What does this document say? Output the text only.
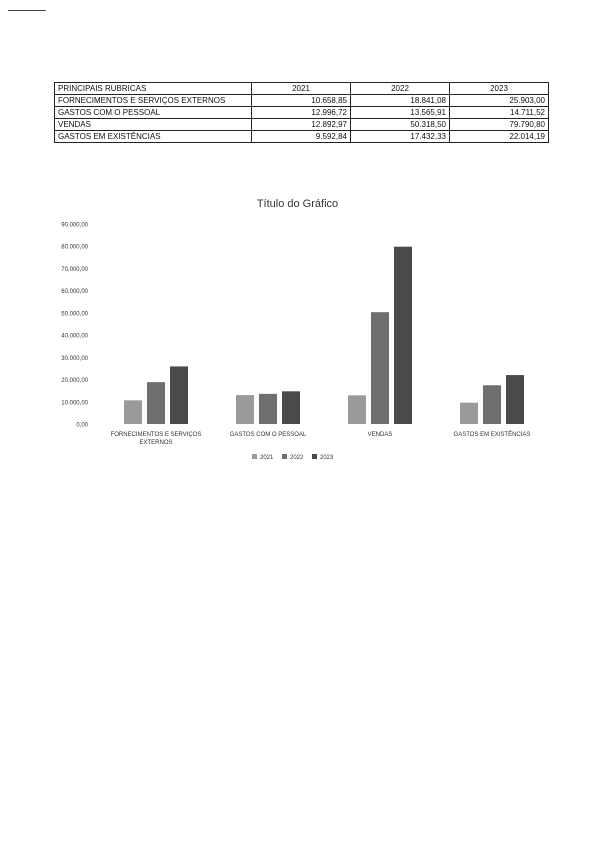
PRINCIPAIS RUBRICAS	2021	2022	2023
FORNECIMENTOS E SERVIÇOS EXTERNOS	10.658,85	18.841,08	25.903,00
GASTOS COM O PESSOAL	12.996,72	13.565,91	14.711,52
VENDAS	12.892,97	50.318,50	79.790,80
GASTOS EM EXISTÊNCIAS	9.592,84	17.432,33	22.014,19
Título do Gráfico
0,00
10.000,00
20.000,00
30.000,00
40.000,00
50.000,00
60.000,00
70.000,00
80.000,00
90.000,00
FORNECIMENTOS E SERVIÇOS
EXTERNOS
GASTOS COM O PESSOAL	VENDAS	GASTOS EM EXISTÊNCIAS
2021	2022	2023
